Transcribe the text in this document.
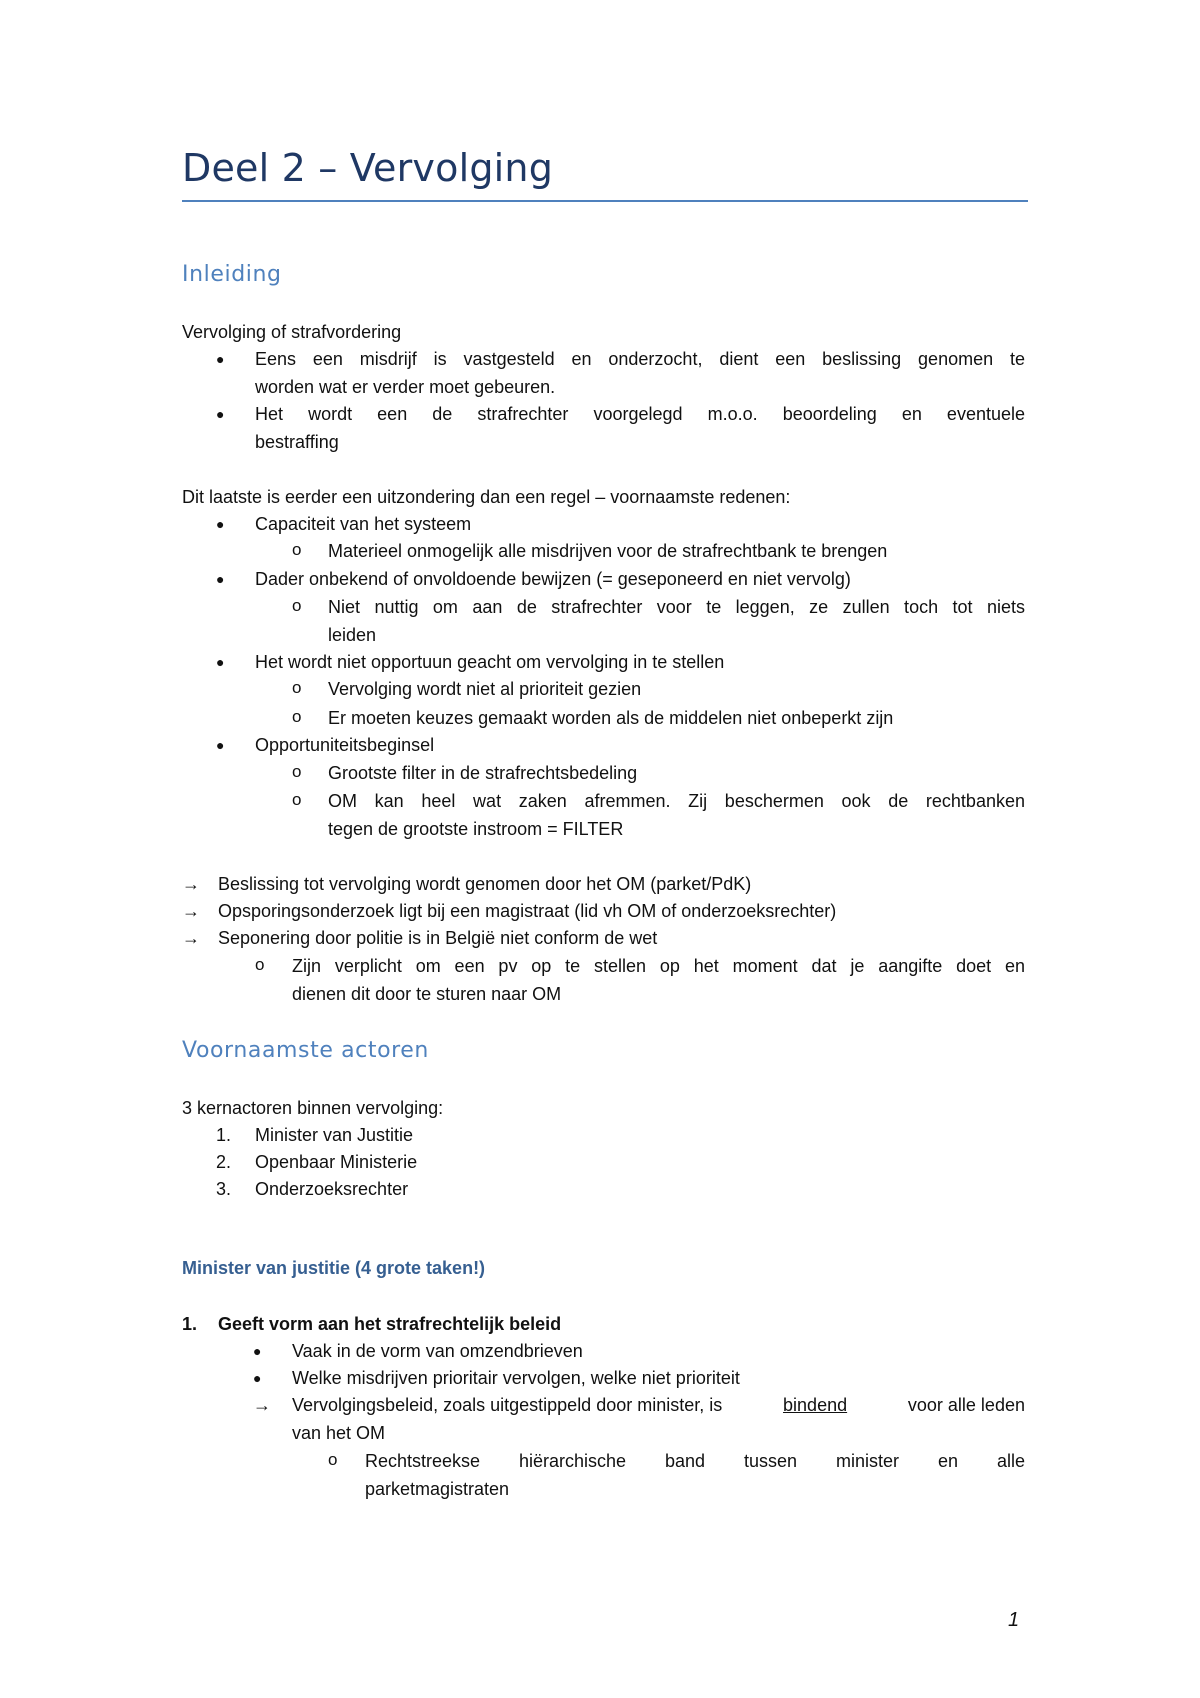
Deel 2 – Vervolging
Inleiding
Vervolging of strafvordering
● Eens een misdrijf is vastgesteld en onderzocht, dient een beslissing genomen te
worden wat er verder moet gebeuren.
● Het wordt een de strafrechter voorgelegd m.o.o. beoordeling en eventuele
bestraffing
Dit laatste is eerder een uitzondering dan een regel – voornaamste redenen:
● Capaciteit van het systeem
o Materieel onmogelijk alle misdrijven voor de strafrechtbank te brengen
● Dader onbekend of onvoldoende bewijzen (= geseponeerd en niet vervolg)
o Niet nuttig om aan de strafrechter voor te leggen, ze zullen toch tot niets
leiden
● Het wordt niet opportuun geacht om vervolging in te stellen
o Vervolging wordt niet al prioriteit gezien
o Er moeten keuzes gemaakt worden als de middelen niet onbeperkt zijn
● Opportuniteitsbeginsel
o Grootste filter in de strafrechtsbedeling
o OM kan heel wat zaken afremmen. Zij beschermen ook de rechtbanken
tegen de grootste instroom = FILTER
→ Beslissing tot vervolging wordt genomen door het OM (parket/PdK)
→ Opsporingsonderzoek ligt bij een magistraat (lid vh OM of onderzoeksrechter)
→ Seponering door politie is in België niet conform de wet
o Zijn verplicht om een pv op te stellen op het moment dat je aangifte doet en
dienen dit door te sturen naar OM
Voornaamste actoren
3 kernactoren binnen vervolging:
1. Minister van Justitie
2. Openbaar Ministerie
3. Onderzoeksrechter
Minister van justitie (4 grote taken!)
1. Geeft vorm aan het strafrechtelijk beleid
● Vaak in de vorm van omzendbrieven
● Welke misdrijven prioritair vervolgen, welke niet prioriteit
→ Vervolgingsbeleid, zoals uitgestippeld door minister, is	bindend	voor alle leden
van het OM
o Rechtstreekse hiërarchische band tussen minister en alle
parketmagistraten
1
